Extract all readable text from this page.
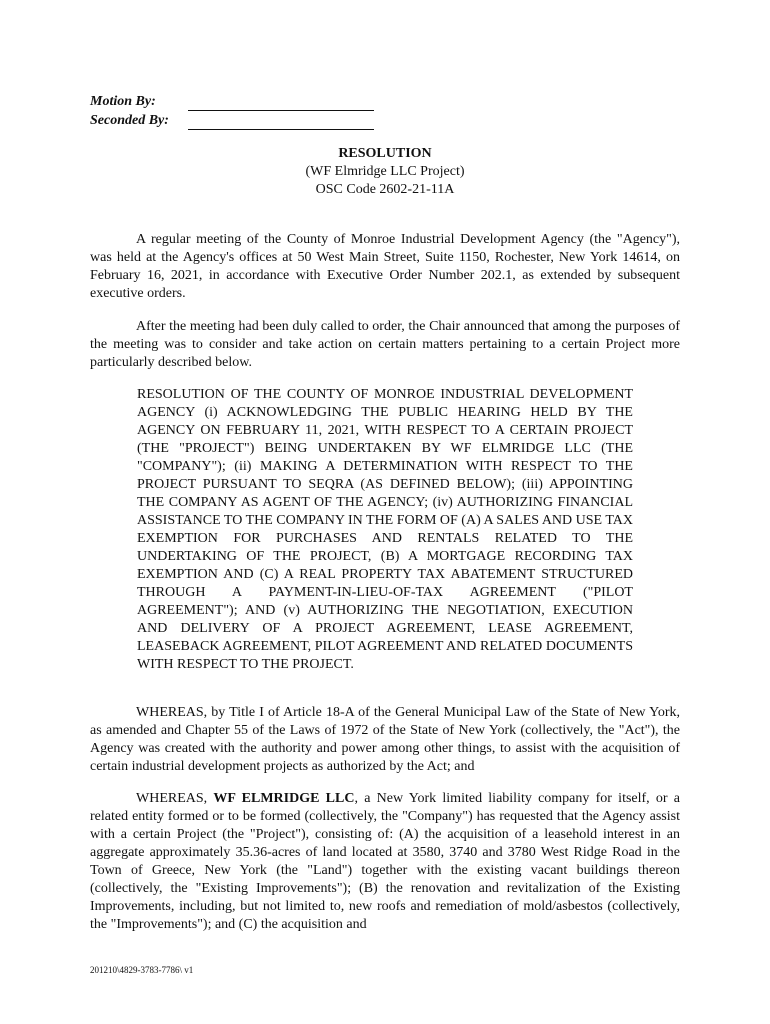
Motion By:
Seconded By:
RESOLUTION
(WF Elmridge LLC Project)
OSC Code 2602-21-11A
A regular meeting of the County of Monroe Industrial Development Agency (the "Agency"), was held at the Agency's offices at 50 West Main Street, Suite 1150, Rochester, New York 14614, on February 16, 2021, in accordance with Executive Order Number 202.1, as extended by subsequent executive orders.
After the meeting had been duly called to order, the Chair announced that among the purposes of the meeting was to consider and take action on certain matters pertaining to a certain Project more particularly described below.
RESOLUTION OF THE COUNTY OF MONROE INDUSTRIAL DEVELOPMENT AGENCY (i) ACKNOWLEDGING THE PUBLIC HEARING HELD BY THE AGENCY ON FEBRUARY 11, 2021, WITH RESPECT TO A CERTAIN PROJECT (THE "PROJECT") BEING UNDERTAKEN BY WF ELMRIDGE LLC (THE "COMPANY"); (ii) MAKING A DETERMINATION WITH RESPECT TO THE PROJECT PURSUANT TO SEQRA (AS DEFINED BELOW); (iii) APPOINTING THE COMPANY AS AGENT OF THE AGENCY; (iv) AUTHORIZING FINANCIAL ASSISTANCE TO THE COMPANY IN THE FORM OF (A) A SALES AND USE TAX EXEMPTION FOR PURCHASES AND RENTALS RELATED TO THE UNDERTAKING OF THE PROJECT, (B) A MORTGAGE RECORDING TAX EXEMPTION AND (C) A REAL PROPERTY TAX ABATEMENT STRUCTURED THROUGH A PAYMENT-IN-LIEU-OF-TAX AGREEMENT ("PILOT AGREEMENT"); AND (v) AUTHORIZING THE NEGOTIATION, EXECUTION AND DELIVERY OF A PROJECT AGREEMENT, LEASE AGREEMENT, LEASEBACK AGREEMENT, PILOT AGREEMENT AND RELATED DOCUMENTS WITH RESPECT TO THE PROJECT.
WHEREAS, by Title I of Article 18-A of the General Municipal Law of the State of New York, as amended and Chapter 55 of the Laws of 1972 of the State of New York (collectively, the "Act"), the Agency was created with the authority and power among other things, to assist with the acquisition of certain industrial development projects as authorized by the Act; and
WHEREAS, WF ELMRIDGE LLC, a New York limited liability company for itself, or a related entity formed or to be formed (collectively, the "Company") has requested that the Agency assist with a certain Project (the "Project"), consisting of: (A) the acquisition of a leasehold interest in an aggregate approximately 35.36-acres of land located at 3580, 3740 and 3780 West Ridge Road in the Town of Greece, New York (the "Land") together with the existing vacant buildings thereon (collectively, the "Existing Improvements"); (B) the renovation and revitalization of the Existing Improvements, including, but not limited to, new roofs and remediation of mold/asbestos (collectively, the "Improvements"); and (C) the acquisition and
201210\4829-3783-7786\ v1
